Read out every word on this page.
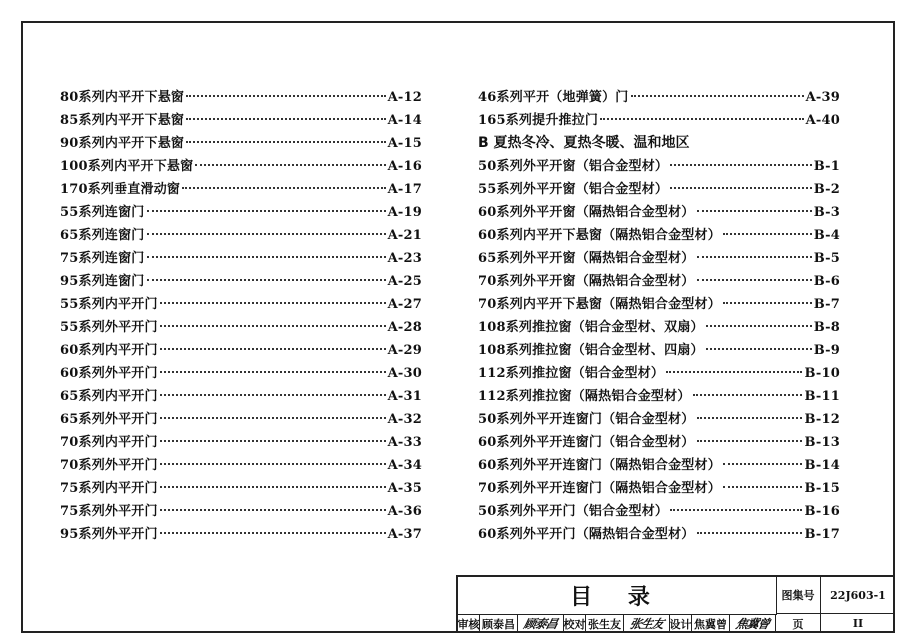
80系列内平开下悬窗	A-12
85系列内平开下悬窗	A-14
90系列内平开下悬窗	A-15
100系列内平开下悬窗	A-16
170系列垂直滑动窗	A-17
55系列连窗门	A-19
65系列连窗门	A-21
75系列连窗门	A-23
95系列连窗门	A-25
55系列内平开门	A-27
55系列外平开门	A-28
60系列内平开门	A-29
60系列外平开门	A-30
65系列内平开门	A-31
65系列外平开门	A-32
70系列内平开门	A-33
70系列外平开门	A-34
75系列内平开门	A-35
75系列外平开门	A-36
95系列外平开门	A-37
46系列平开（地弹簧）门	A-39
165系列提升推拉门	A-40
B 夏热冬冷、夏热冬暖、温和地区
50系列外平开窗（铝合金型材）	B-1
55系列外平开窗（铝合金型材）	B-2
60系列外平开窗（隔热铝合金型材）	B-3
60系列内平开下悬窗（隔热铝合金型材）	B-4
65系列外平开窗（隔热铝合金型材）	B-5
70系列外平开窗（隔热铝合金型材）	B-6
70系列内平开下悬窗（隔热铝合金型材）	B-7
108系列推拉窗（铝合金型材、双扇）	B-8
108系列推拉窗（铝合金型材、四扇）	B-9
112系列推拉窗（铝合金型材）	B-10
112系列推拉窗（隔热铝合金型材）	B-11
50系列外平开连窗门（铝合金型材）	B-12
60系列外平开连窗门（铝合金型材）	B-13
60系列外平开连窗门（隔热铝合金型材）	B-14
70系列外平开连窗门（隔热铝合金型材）	B-15
50系列外平开门（铝合金型材）	B-16
60系列外平开门（隔热铝合金型材）	B-17
目 录	图集号	22J603-1
审核 顾泰昌 顾泰昌 校对 张生友 张生友 设计 焦冀曾 焦冀曾	页	II
